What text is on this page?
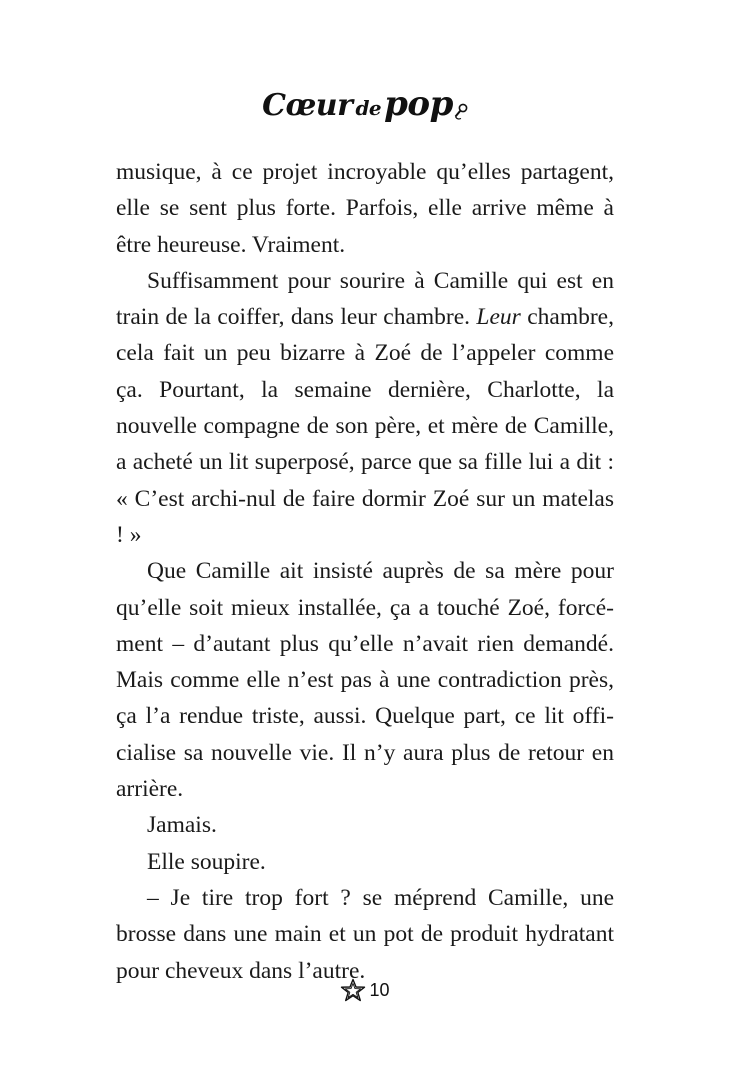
Cœur de pop

musique, à ce projet incroyable qu’elles partagent, elle se sent plus forte. Parfois, elle arrive même à être heureuse. Vraiment.

Suffisamment pour sourire à Camille qui est en train de la coiffer, dans leur chambre. Leur chambre, cela fait un peu bizarre à Zoé de l’appeler comme ça. Pourtant, la semaine dernière, Charlotte, la nouvelle compagne de son père, et mère de Camille, a acheté un lit superposé, parce que sa fille lui a dit : « C’est archi-nul de faire dormir Zoé sur un matelas ! »

Que Camille ait insisté auprès de sa mère pour qu’elle soit mieux installée, ça a touché Zoé, forcément – d’autant plus qu’elle n’avait rien demandé. Mais comme elle n’est pas à une contradiction près, ça l’a rendue triste, aussi. Quelque part, ce lit officialise sa nouvelle vie. Il n’y aura plus de retour en arrière.

Jamais.

Elle soupire.

– Je tire trop fort ? se méprend Camille, une brosse dans une main et un pot de produit hydratant pour cheveux dans l’autre.

10
